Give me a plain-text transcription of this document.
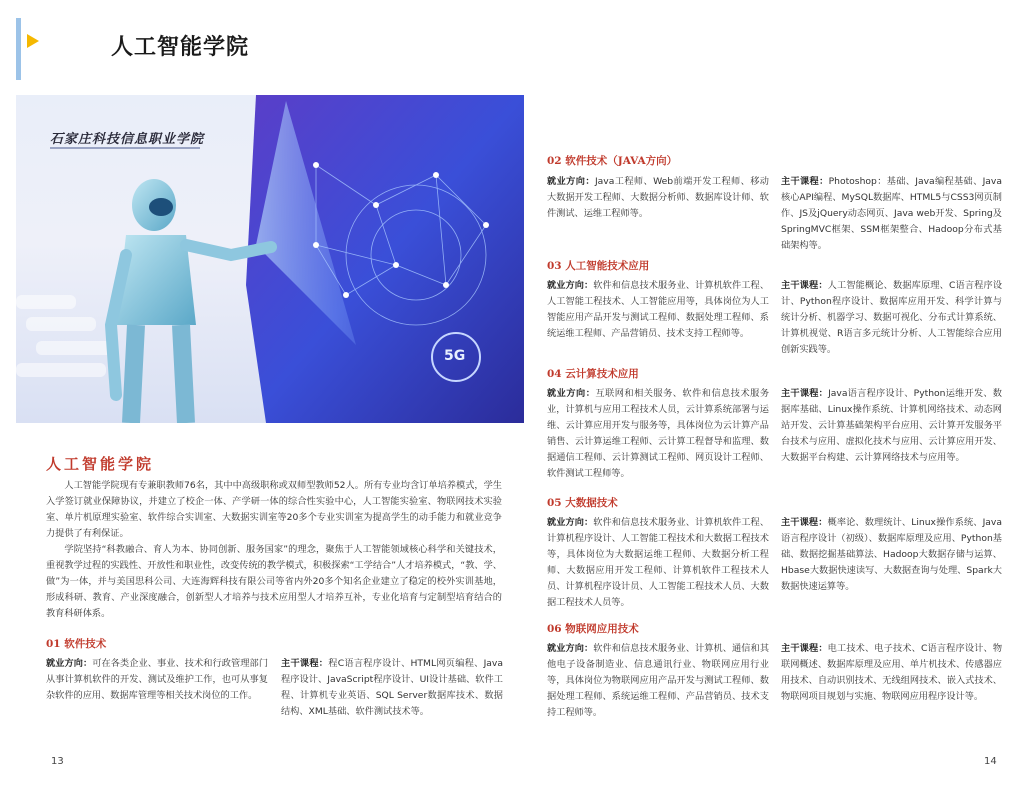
人工智能学院
石家庄科技信息职业学院
5G
人工智能学院

人工智能学院现有专兼职教师76名，其中中高级职称或双师型教师52人。所有专业均含订单培养模式，学生入学签订就业保障协议，并建立了校企一体、产学研一体的综合性实验中心，人工智能实验室、物联网技术实验室、单片机原理实验室、软件综合实训室、大数据实训室等20多个专业实训室为提高学生的动手能力和就业竞争力提供了有利保证。

学院坚持“科教融合、育人为本、协同创新、服务国家”的理念，聚焦于人工智能领域核心科学和关键技术，重视教学过程的实践性、开放性和职业性，改变传统的教学模式，积极探索“工学结合”人才培养模式，“教、学、做”为一体，并与美国思科公司、大连海辉科技有限公司等省内外20多个知名企业建立了稳定的校外实训基地，形成科研、教育、产业深度融合，创新型人才培养与技术应用型人才培养互补，专业化培育与定制型培育结合的教育科研体系。

01 软件技术
就业方向：可在各类企业、事业、技术和行政管理部门从事计算机软件的开发、测试及维护工作，也可从事复杂软件的应用、数据库管理等相关技术岗位的工作。
主干课程：程C语言程序设计、HTML网页编程、Java程序设计、JavaScript程序设计、UI设计基础、软件工程、计算机专业英语、SQL Server数据库技术、数据结构、XML基础、软件测试技术等。
02 软件技术（JAVA方向）
就业方向：Java工程师、Web前端开发工程师、移动大数据开发工程师、大数据分析师、数据库设计师、软件测试、运维工程师等。
主干课程：Photoshop：基础、Java编程基础、Java核心API编程、MySQL数据库、HTML5与CSS3网页制作、JS及jQuery动态网页、Java web开发、Spring及SpringMVC框架、SSM框架整合、Hadoop分布式基础架构等。
03 人工智能技术应用
就业方向：软件和信息技术服务业、计算机软件工程、人工智能工程技术、人工智能应用等，具体岗位为人工智能应用产品开发与测试工程师、数据处理工程师、系统运维工程师、产品营销员、技术支持工程师等。
主干课程：人工智能概论、数据库原理、C语言程序设计、Python程序设计、数据库应用开发、科学计算与统计分析、机器学习、数据可视化、分布式计算系统、计算机视觉、R语言多元统计分析、人工智能综合应用创新实践等。
04 云计算技术应用
就业方向：互联网和相关服务、软件和信息技术服务业，计算机与应用工程技术人员，云计算系统部署与运维、云计算应用开发与服务等，具体岗位为云计算产品销售、云计算运维工程师、云计算工程督导和监理、数据通信工程师、云计算测试工程师、网页设计工程师、软件测试工程师等。
主干课程：Java语言程序设计、Python运维开发、数据库基础、Linux操作系统、计算机网络技术、动态网站开发、云计算基础架构平台应用、云计算开发服务平台技术与应用、虚拟化技术与应用、云计算应用开发、大数据平台构建、云计算网络技术与应用等。
05 大数据技术
就业方向：软件和信息技术服务业、计算机软件工程、计算机程序设计、人工智能工程技术和大数据工程技术等，具体岗位为大数据运维工程师、大数据分析工程师、大数据应用开发工程师、计算机软件工程技术人员、计算机程序设计员、人工智能工程技术人员、大数据工程技术人员等。
主干课程：概率论、数理统计、Linux操作系统、Java语言程序设计（初级）、数据库原理及应用、Python基础、数据挖掘基础算法、Hadoop大数据存储与运算、Hbase大数据快速读写、大数据查询与处理、Spark大数据快速运算等。
06 物联网应用技术
就业方向：软件和信息技术服务业、计算机、通信和其他电子设备制造业、信息通讯行业、物联网应用行业等，具体岗位为物联网应用产品开发与测试工程师、数据处理工程师、系统运维工程师、产品营销员、技术支持工程师等。
主干课程：电工技术、电子技术、C语言程序设计、物联网概述、数据库原理及应用、单片机技术、传感器应用技术、自动识别技术、无线组网技术、嵌入式技术、物联网项目规划与实施、物联网应用程序设计等。
13	14
